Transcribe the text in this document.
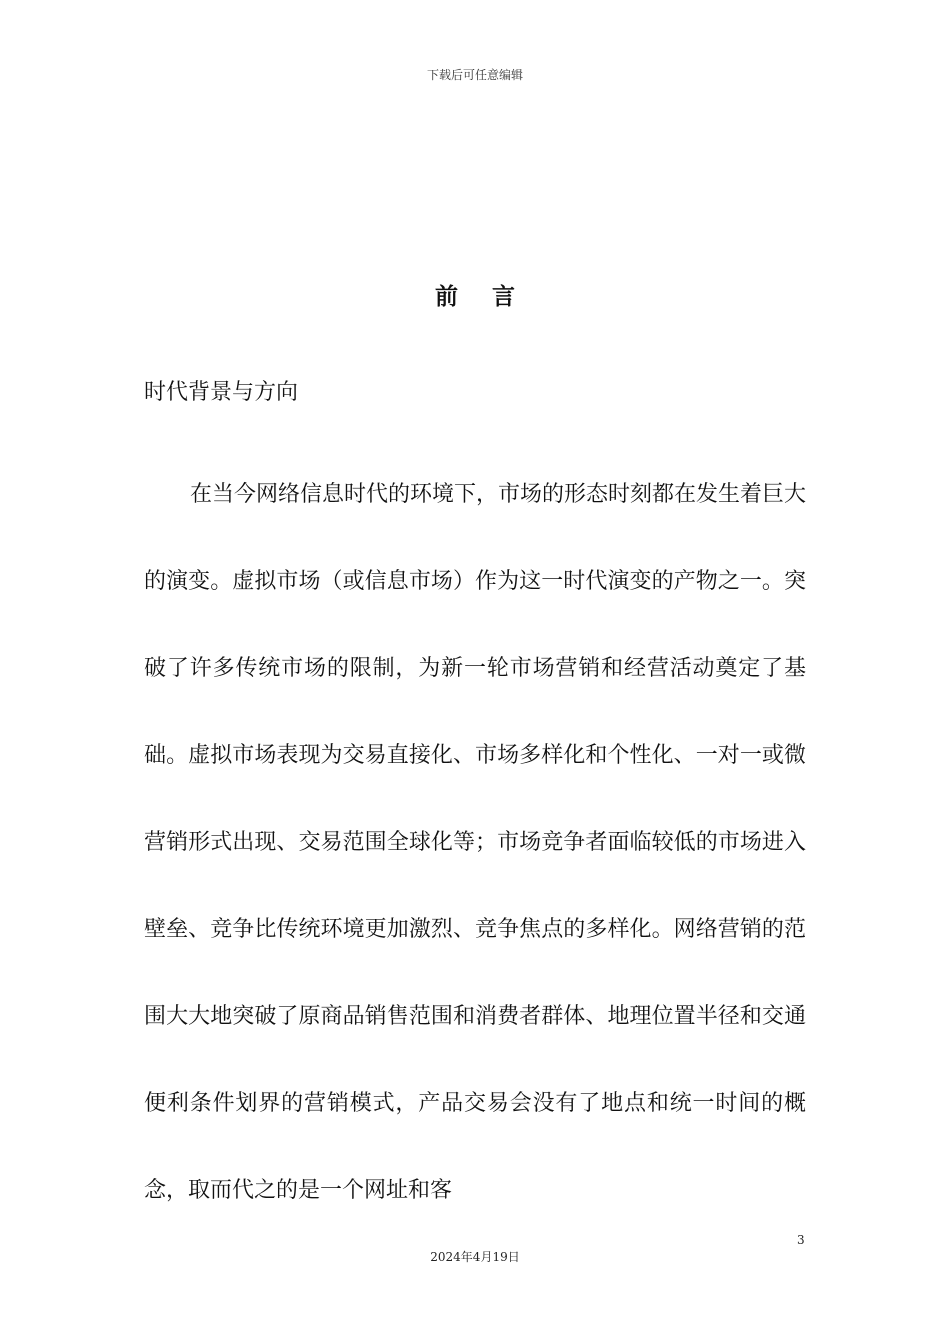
下载后可任意编辑
前 言
时代背景与方向

在当今网络信息时代的环境下，市场的形态时刻都在发生着巨大的演变。虚拟市场（或信息市场）作为这一时代演变的产物之一。突破了许多传统市场的限制，为新一轮市场营销和经营活动奠定了基础。虚拟市场表现为交易直接化、市场多样化和个性化、一对一或微营销形式出现、交易范围全球化等；市场竞争者面临较低的市场进入壁垒、竞争比传统环境更加激烈、竞争焦点的多样化。网络营销的范围大大地突破了原商品销售范围和消费者群体、地理位置半径和交通便利条件划界的营销模式，产品交易会没有了地点和统一时间的概念，取而代之的是一个网址和客

3
2024年4月19日
